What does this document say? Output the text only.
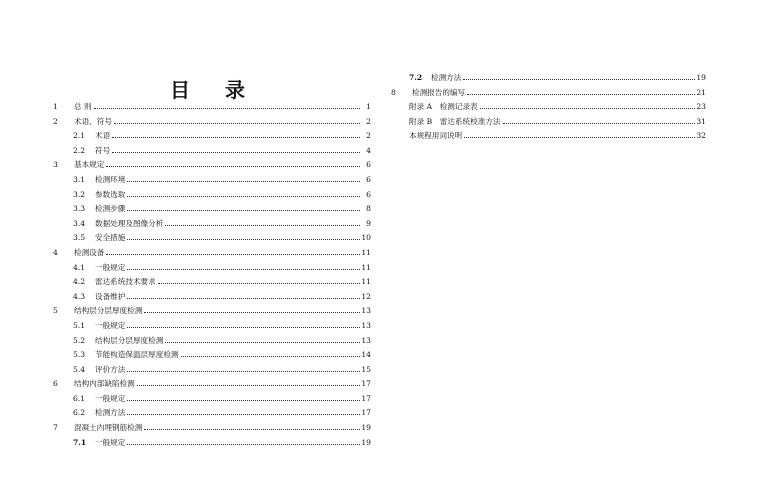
目 录
1	总 则	1
2	术语、符号	2
2.1	术语	2
2.2	符号	4
3	基本规定	6
3.1	检测环境	6
3.2	参数选取	6
3.3	检测步骤	8
3.4	数据处理及图像分析	9
3.5	安全措施	10
4	检测设备	11
4.1	一般规定	11
4.2	雷达系统技术要求	11
4.3	设备维护	12
5	结构层分层厚度检测	13
5.1	一般规定	13
5.2	结构层分层厚度检测	13
5.3	节能构造保温层厚度检测	14
5.4	评价方法	15
6	结构内部缺陷检测	17
6.1	一般规定	17
6.2	检测方法	17
7	混凝土内埋钢筋检测	19
7.1	一般规定	19
7.2	检测方法	19
8	检测报告的编写	21
附录 A　检测记录表	23
附录 B　雷达系统校准方法	31
本规程用词说明	32
